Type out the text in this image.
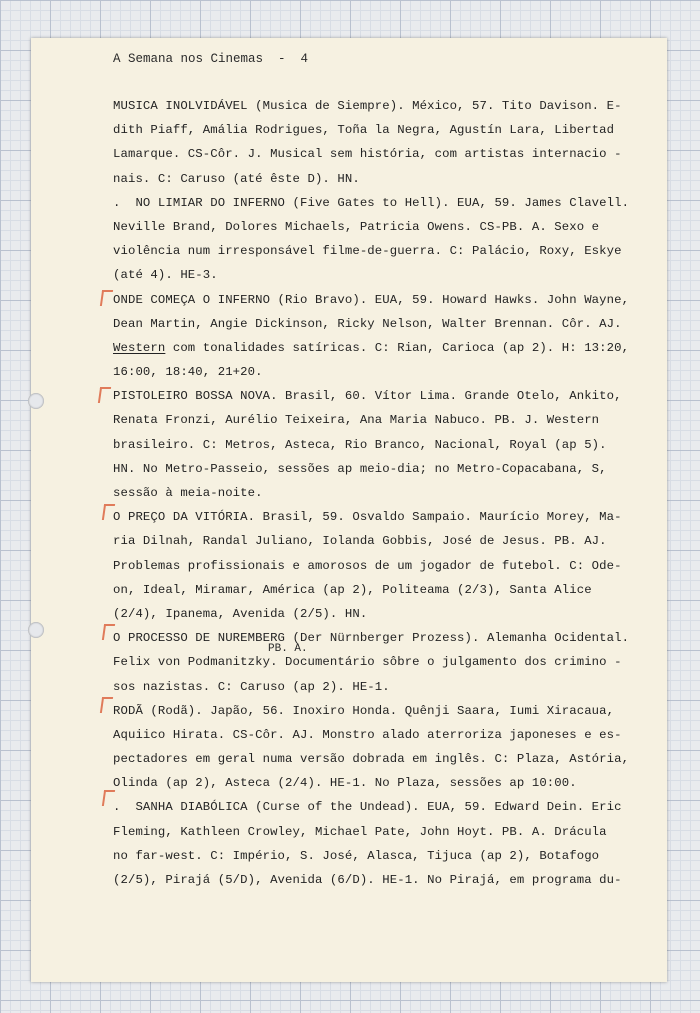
A Semana nos Cinemas  -  4
PB. A.
MUSICA INOLVIDÁVEL (Musica de Siempre). México, 57. Tito Davison. E-
dith Piaff, Amália Rodrigues, Toña la Negra, Agustín Lara, Libertad
Lamarque. CS-Côr. J. Musical sem história, com artistas internacio -
nais. C: Caruso (até êste D). HN.
.  NO LIMIAR DO INFERNO (Five Gates to Hell). EUA, 59. James Clavell.
Neville Brand, Dolores Michaels, Patricia Owens. CS-PB. A. Sexo e
violência num irresponsável filme-de-guerra. C: Palácio, Roxy, Eskye
(até 4). HE-3.
ONDE COMEÇA O INFERNO (Rio Bravo). EUA, 59. Howard Hawks. John Wayne,
Dean Martin, Angie Dickinson, Ricky Nelson, Walter Brennan. Côr. AJ.
Western com tonalidades satíricas. C: Rian, Carioca (ap 2). H: 13:20,
16:00, 18:40, 21+20.
PISTOLEIRO BOSSA NOVA. Brasil, 60. Vítor Lima. Grande Otelo, Ankito,
Renata Fronzi, Aurélio Teixeira, Ana Maria Nabuco. PB. J. Western
brasileiro. C: Metros, Asteca, Rio Branco, Nacional, Royal (ap 5).
HN. No Metro-Passeio, sessões ap meio-dia; no Metro-Copacabana, S,
sessão à meia-noite.
O PREÇO DA VITÓRIA. Brasil, 59. Osvaldo Sampaio. Maurício Morey, Ma-
ria Dilnah, Randal Juliano, Iolanda Gobbis, José de Jesus. PB. AJ.
Problemas profissionais e amorosos de um jogador de futebol. C: Ode-
on, Ideal, Miramar, América (ap 2), Politeama (2/3), Santa Alice
(2/4), Ipanema, Avenida (2/5). HN.
O PROCESSO DE NUREMBERG (Der Nürnberger Prozess). Alemanha Ocidental.
Felix von Podmanitzky. Documentário sôbre o julgamento dos crimino -
sos nazistas. C: Caruso (ap 2). HE-1.
RODÃ (Rodã). Japão, 56. Inoxiro Honda. Quênji Saara, Iumi Xiracaua,
Aquiico Hirata. CS-Côr. AJ. Monstro alado aterroriza japoneses e es-
pectadores em geral numa versão dobrada em inglês. C: Plaza, Astória,
Olinda (ap 2), Asteca (2/4). HE-1. No Plaza, sessões ap 10:00.
.  SANHA DIABÓLICA (Curse of the Undead). EUA, 59. Edward Dein. Eric
Fleming, Kathleen Crowley, Michael Pate, John Hoyt. PB. A. Drácula
no far-west. C: Império, S. José, Alasca, Tijuca (ap 2), Botafogo
(2/5), Pirajá (5/D), Avenida (6/D). HE-1. No Pirajá, em programa du-
